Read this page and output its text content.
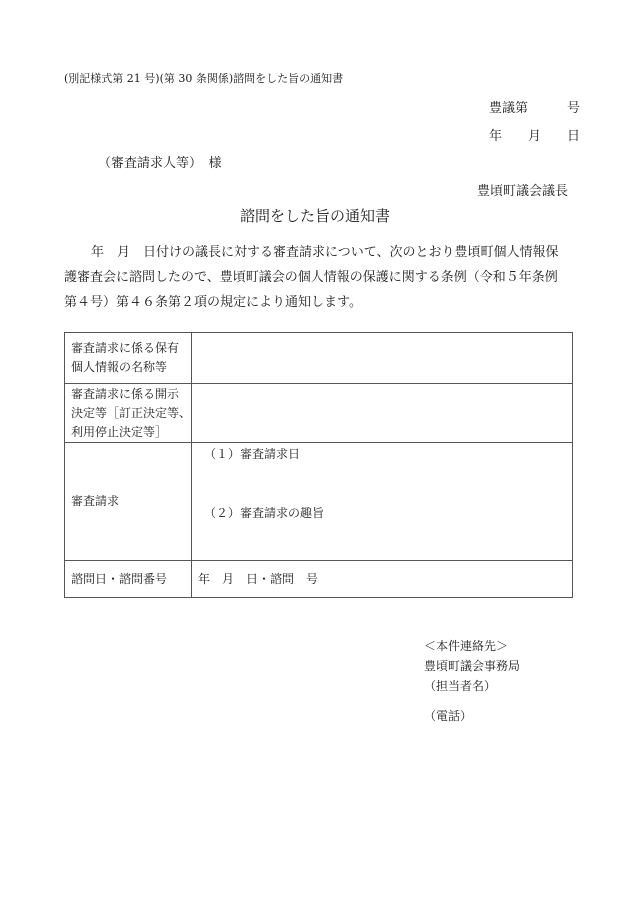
(別記様式第 21 号)(第 30 条関係)諮問をした旨の通知書
豊議第　　　号
年　　月　　日
（審査請求人等）　様
豊頃町議会議長
諮問をした旨の通知書
年　月　日付けの議長に対する審査請求について、次のとおり豊頃町個人情報保
護審査会に諮問したので、豊頃町議会の個人情報の保護に関する条例（令和５年条例
第４号）第４６条第２項の規定により通知します。
審査請求に係る保有
個人情報の名称等	

審査請求に係る開示
決定等［訂正決定等、
利用停止決定等］	

審査請求	（１）審査請求日
（２）審査請求の趣旨

諮問日・諮問番号	年　月　日・諮問　号
＜本件連絡先＞
豊頃町議会事務局
（担当者名）
（電話）
